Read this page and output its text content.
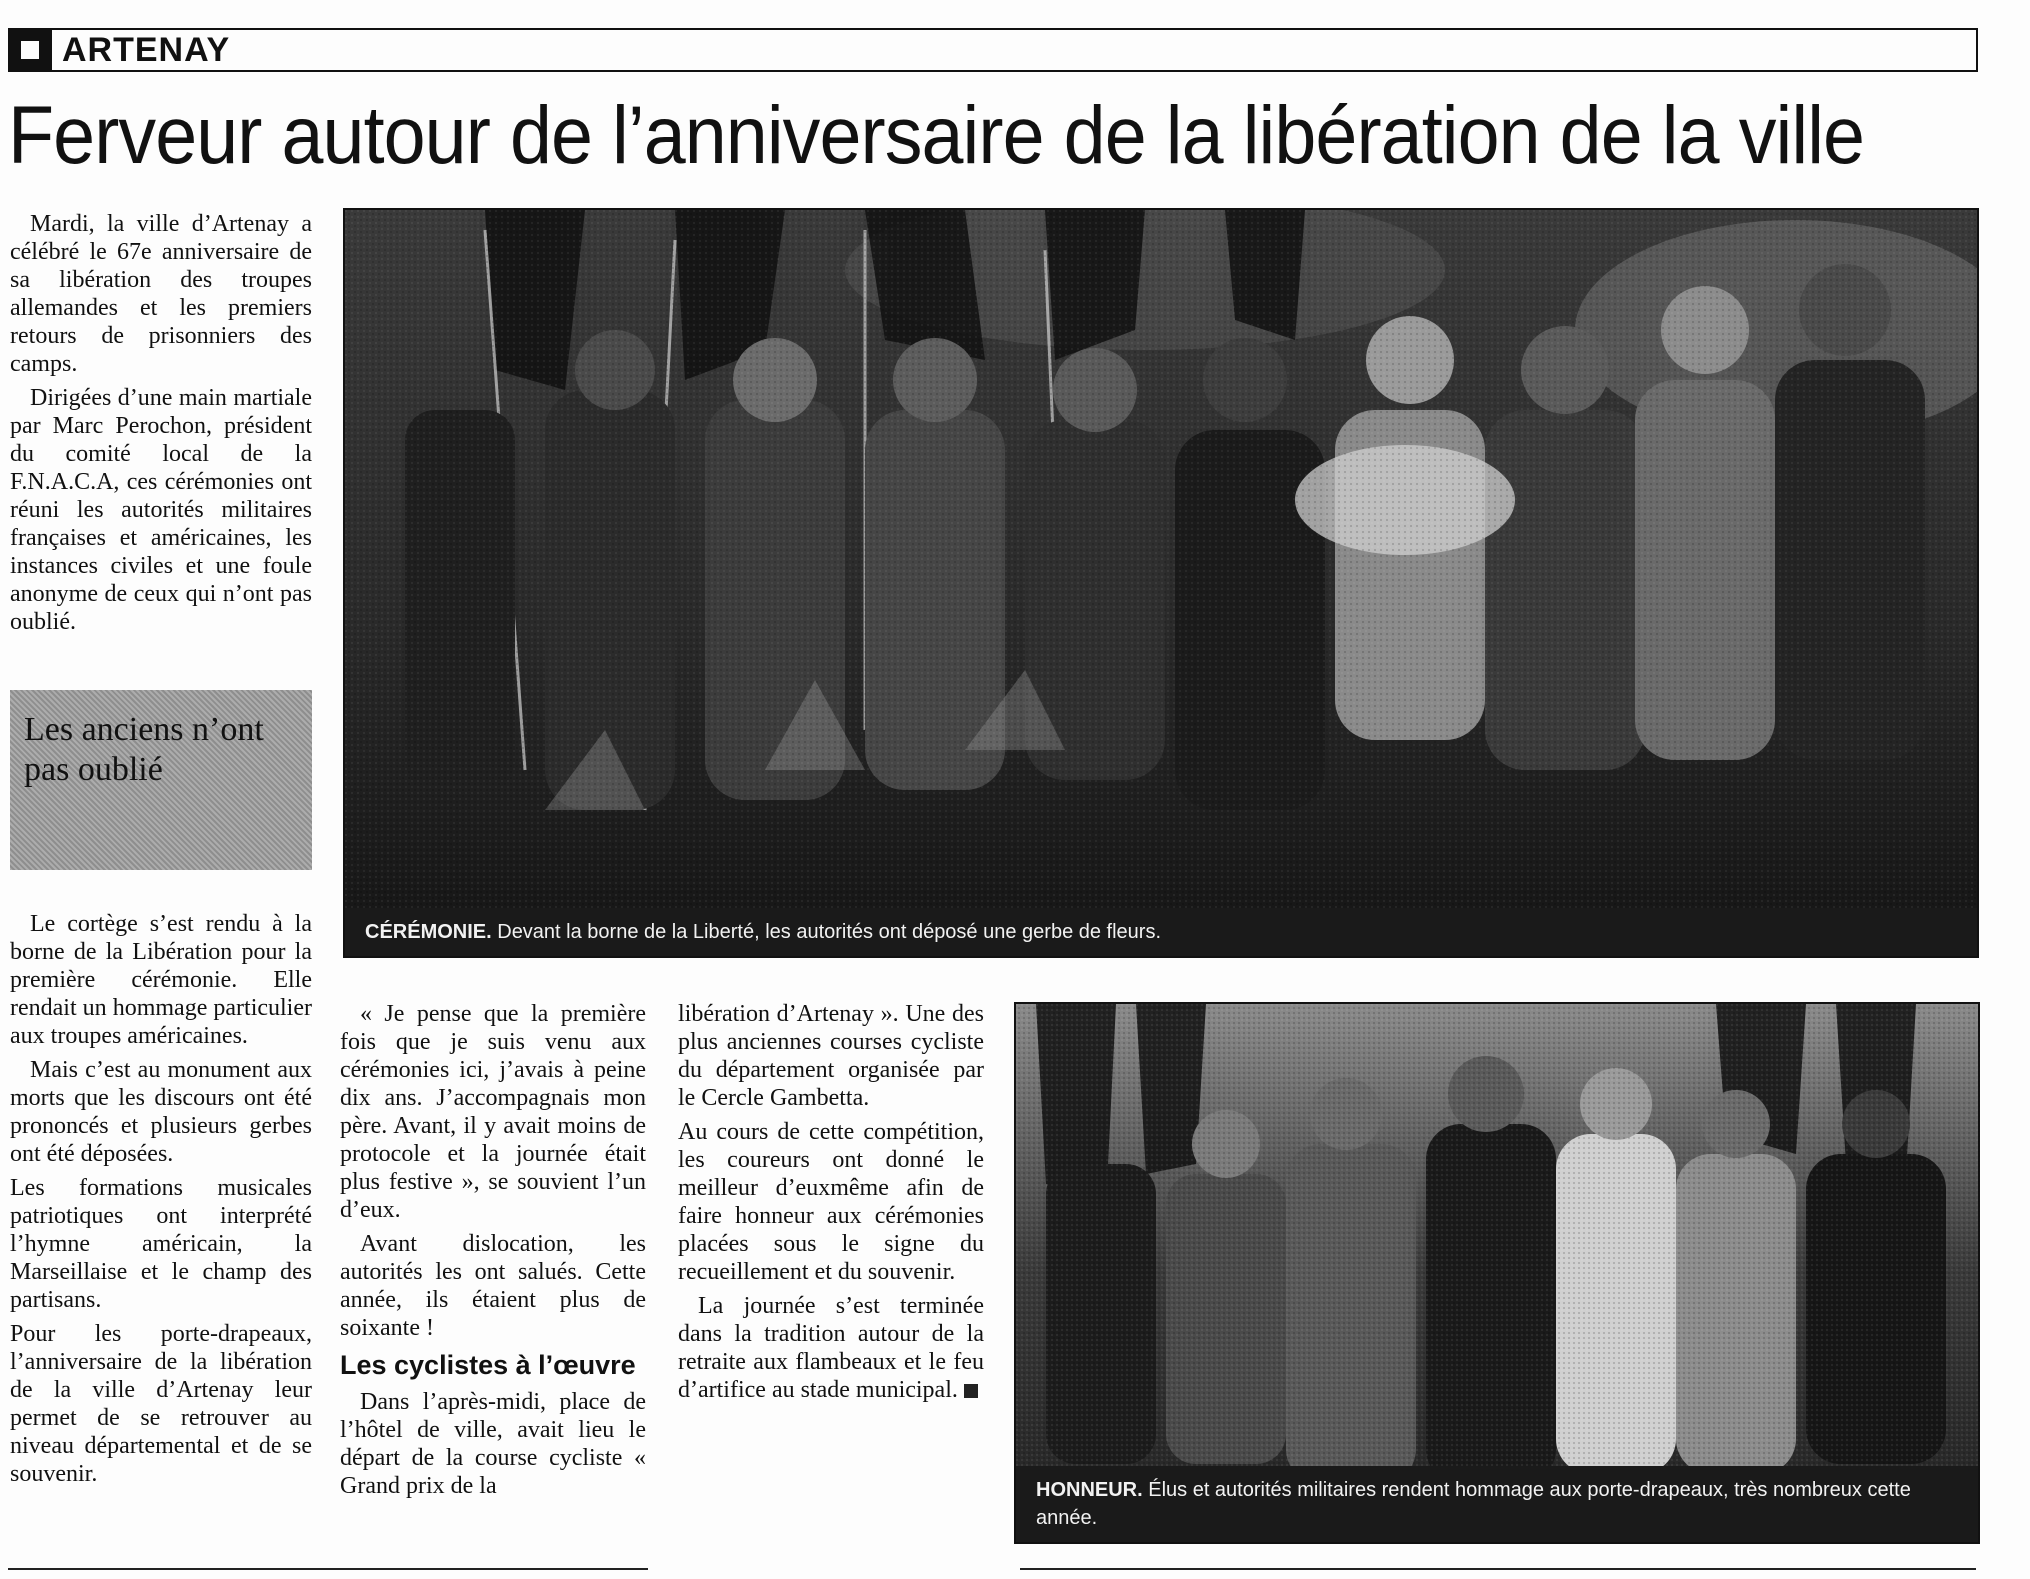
ARTENAY
Ferveur autour de l’anniversaire de la libération de la ville

Mardi, la ville d’Artenay a célébré le 67e anniversaire de sa libération des troupes allemandes et les premiers retours de prisonniers des camps.

Dirigées d’une main martiale par Marc Perochon, président du comité local de la F.N.A.C.A, ces cérémonies ont réuni les autorités militaires françaises et américaines, les instances civiles et une foule anonyme de ceux qui n’ont pas oublié.

Les anciens n’ont pas oublié

Le cortège s’est rendu à la borne de la Libération pour la première cérémonie. Elle rendait un hommage particulier aux troupes américaines.

Mais c’est au monument aux morts que les discours ont été prononcés et plusieurs gerbes ont été déposées.

Les formations musicales patriotiques ont interprété l’hymne américain, la Marseillaise et le champ des partisans.

Pour les porte-drapeaux, l’anniversaire de la libération de la ville d’Artenay leur permet de se retrouver au niveau départemental et de se souvenir.

« Je pense que la première fois que je suis venu aux cérémonies ici, j’avais à peine dix ans. J’accompagnais mon père. Avant, il y avait moins de protocole et la journée était plus festive », se souvient l’un d’eux.

Avant dislocation, les autorités les ont salués. Cette année, ils étaient plus de soixante !

Les cyclistes à l’œuvre

Dans l’après-midi, place de l’hôtel de ville, avait lieu le départ de la course cycliste « Grand prix de la

libération d’Artenay ». Une des plus anciennes courses cycliste du département organisée par le Cercle Gambetta.

Au cours de cette compétition, les coureurs ont donné le meilleur d’euxmême afin de faire honneur aux cérémonies placées sous le signe du recueillement et du souvenir.

La journée s’est terminée dans la tradition autour de la retraite aux flambeaux et le feu d’artifice au stade municipal.

CÉRÉMONIE. Devant la borne de la Liberté, les autorités ont déposé une gerbe de fleurs.
HONNEUR. Élus et autorités militaires rendent hommage aux porte-drapeaux, très nombreux cette année.
